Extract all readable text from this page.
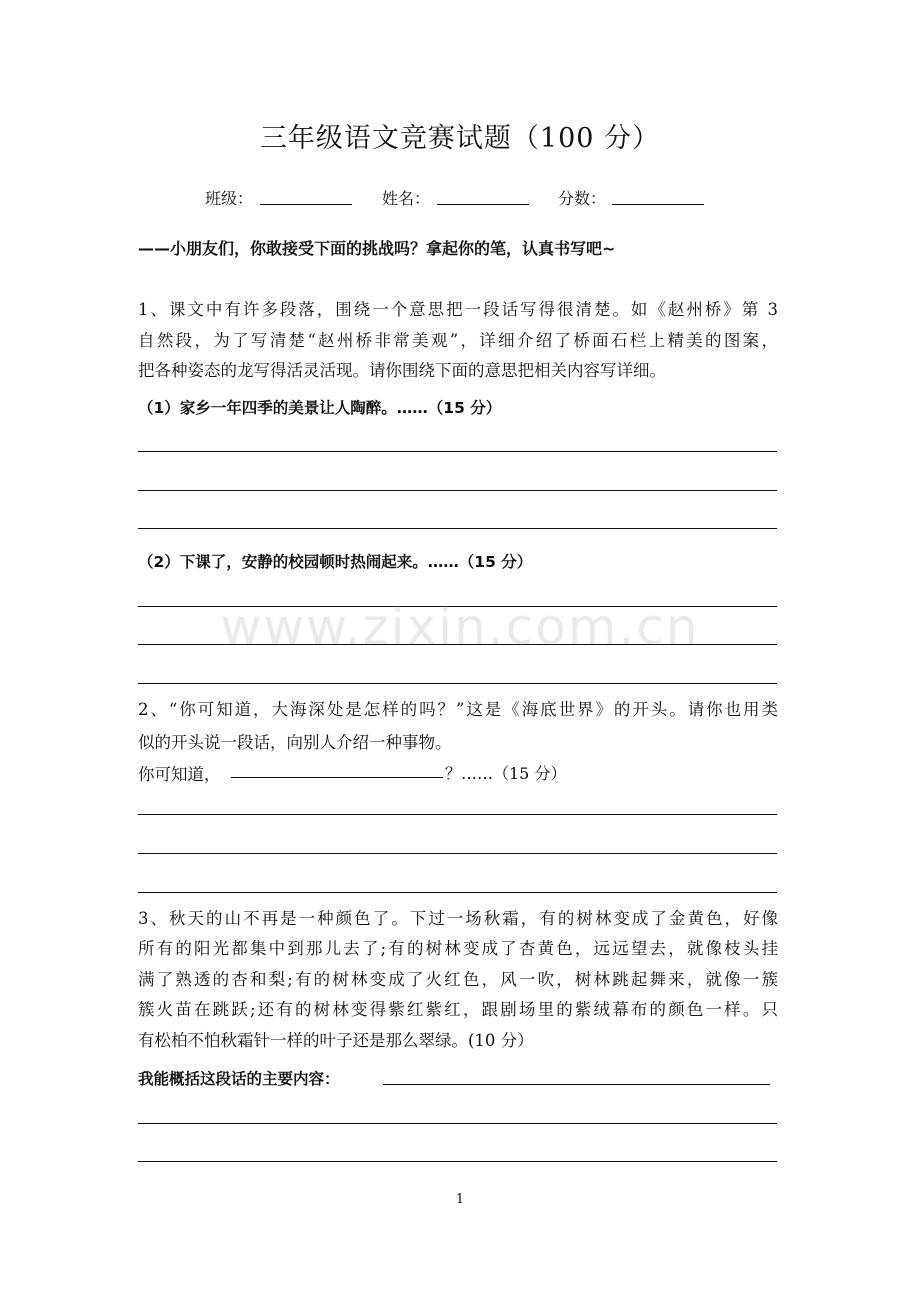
三年级语文竞赛试题（100 分）
班级：	姓名：	分数：
——小朋友们，你敢接受下面的挑战吗？拿起你的笔，认真书写吧~
1、课文中有许多段落，围绕一个意思把一段话写得很清楚。如《赵州桥》第 3
自然段，为了写清楚“赵州桥非常美观”，详细介绍了桥面石栏上精美的图案，
把各种姿态的龙写得活灵活现。请你围绕下面的意思把相关内容写详细。
（1）家乡一年四季的美景让人陶醉。……（15 分）
（2）下课了，安静的校园顿时热闹起来。……（15 分）
2、“你可知道，大海深处是怎样的吗？”这是《海底世界》的开头。请你也用类
似的开头说一段话，向别人介绍一种事物。
你可知道，	？……（15 分）
3、秋天的山不再是一种颜色了。下过一场秋霜，有的树林变成了金黄色，好像
所有的阳光都集中到那儿去了;有的树林变成了杏黄色，远远望去，就像枝头挂
满了熟透的杏和梨;有的树林变成了火红色，风一吹，树林跳起舞来，就像一簇
簇火苗在跳跃;还有的树林变得紫红紫红，跟剧场里的紫绒幕布的颜色一样。只
有松柏不怕秋霜针一样的叶子还是那么翠绿。(10 分）
我能概括这段话的主要内容：
www.zixin.com.cn
1
